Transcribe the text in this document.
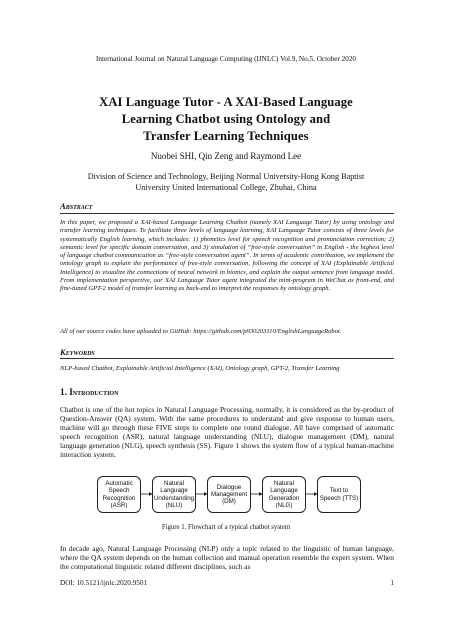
International Journal on Natural Language Computing (IJNLC) Vol.9, No.5, October 2020
XAI Language Tutor - A XAI-Based Language
Learning Chatbot using Ontology and
Transfer Learning Techniques
Nuobei SHI, Qin Zeng and Raymond Lee
Division of Science and Technology, Beijing Normal University-Hong Kong Baptist
University United International College, Zhuhai, China
Abstract
In this paper, we proposed a XAI-based Language Learning Chatbot (namely XAI Language Tutor) by using ontology and transfer learning techniques. To facilitate three levels of language learning, XAI Language Tutor consists of three levels for systematically English learning, which includes: 1) phonetics level for speech recognition and pronunciation correction; 2) semantic level for specific domain conversation, and 3) simulation of “free-style conversation” in English - the highest level of language chatbot communication as “free-style conversation agent”. In terms of academic contribution, we implement the ontology graph to explain the performance of free-style conversation, following the concept of XAI (Explainable Artificial Intelligence) to visualize the connections of neural network in bionics, and explain the output sentence from language model. From implementation perspective, our XAI Language Tutor agent integrated the mini-program in WeChat as front-end, and fine-tuned GPT-2 model of transfer learning as back-end to interpret the responses by ontology graph.
All of our source codes have uploaded to GitHub: https://github.com/p930203110/EnglishLanguageRobot.
Keywords
NLP-based Chatbot, Explainable Artificial Intelligence (XAI), Ontology graph, GPT-2, Transfer Learning
1. Introduction
Chatbot is one of the hot topics in Natural Language Processing, normally, it is considered as the by-product of Question-Answer (QA) system. With the same procedures to understand and give response to human users, machine will go through these FIVE steps to complete one round dialogue. All have comprised of automatic speech recognition (ASR), natural language understanding (NLU), dialogue management (DM), natural language generation (NLG), speech synthesis (SS). Figure 1 shows the system flow of a typical human-machine interaction system.
Automatic Speech Recognition (ASR)
Natural Language Understanding (NLU)
Dialogue Management (DM)
Natural Language Generation (NLG)
Text to Speech (TTS)
Figure 1. Flowchart of a typical chatbot system
In decade ago, Natural Language Processing (NLP) only a topic related to the linguistic of human language, where the QA system depends on the human collection and manual operation resemble the expert system. When the computational linguistic related different disciplines, such as
DOI: 10.5121/ijnlc.2020.9501	1
